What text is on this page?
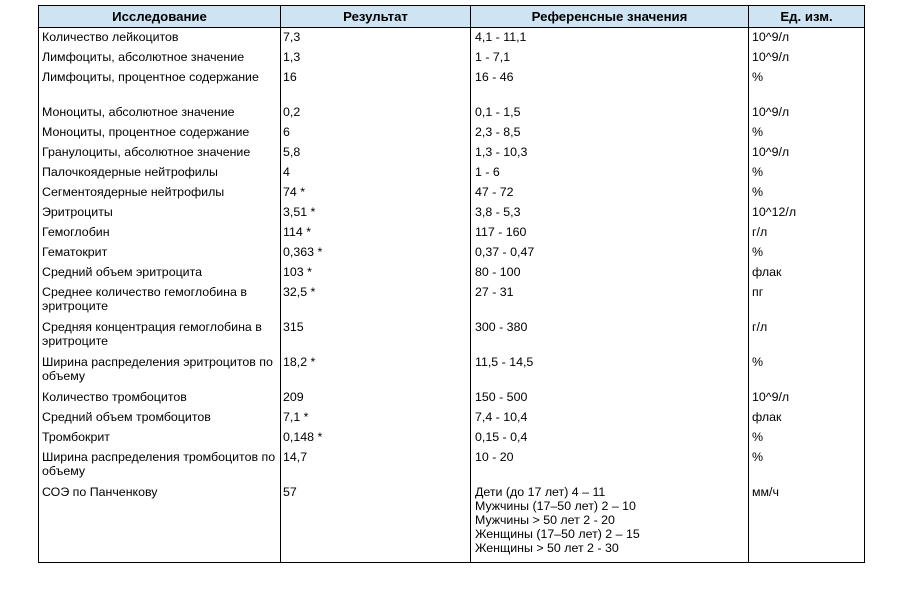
Исследование	Результат	Референсные значения	Ед. изм.
Количество лейкоцитов	7,3	4,1 - 11,1	10^9/л
Лимфоциты, абсолютное значение	1,3	1 - 7,1	10^9/л
Лимфоциты, процентное содержание	16	16 - 46	%
Моноциты, абсолютное значение	0,2	0,1 - 1,5	10^9/л
Моноциты, процентное содержание	6	2,3 - 8,5	%
Гранулоциты, абсолютное значение	5,8	1,3 - 10,3	10^9/л
Палочкоядерные нейтрофилы	4	1 - 6	%
Сегментоядерные нейтрофилы	74 *	47 - 72	%
Эритроциты	3,51 *	3,8 - 5,3	10^12/л
Гемоглобин	114 *	117 - 160	г/л
Гематокрит	0,363 *	0,37 - 0,47	%
Средний объем эритроцита	103 *	80 - 100	флак
Среднее количество гемоглобина в эритроците	32,5 *	27 - 31	пг
Средняя концентрация гемоглобина в эритроците	315	300 - 380	г/л
Ширина распределения эритроцитов по объему	18,2 *	11,5 - 14,5	%
Количество тромбоцитов	209	150 - 500	10^9/л
Средний объем тромбоцитов	7,1 *	7,4 - 10,4	флак
Тромбокрит	0,148 *	0,15 - 0,4	%
Ширина распределения тромбоцитов по объему	14,7	10 - 20	%
СОЭ по Панченкову	57	Дети (до 17 лет) 4 – 11
Мужчины (17–50 лет) 2 – 10
Мужчины > 50 лет 2 - 20
Женщины (17–50 лет) 2 – 15
Женщины > 50 лет 2 - 30	мм/ч
